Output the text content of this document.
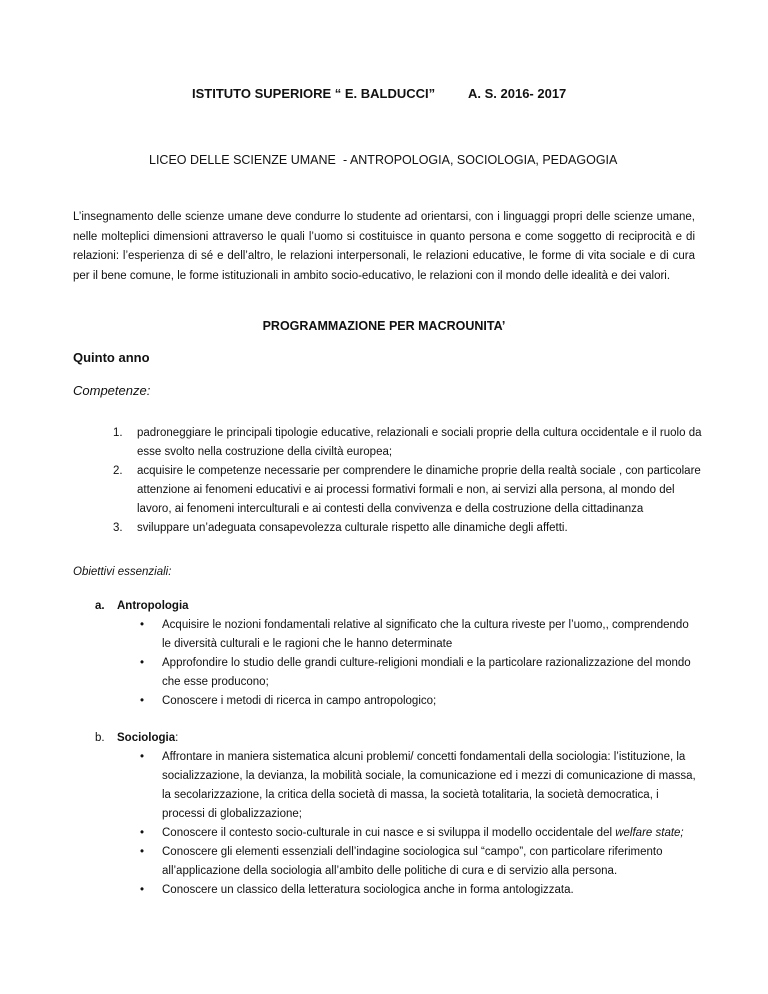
ISTITUTO SUPERIORE “ E. BALDUCCI”	A. S. 2016- 2017
LICEO DELLE SCIENZE UMANE - ANTROPOLOGIA, SOCIOLOGIA, PEDAGOGIA

L’insegnamento delle scienze umane deve condurre lo studente ad orientarsi, con i linguaggi propri delle scienze umane, nelle molteplici dimensioni attraverso le quali l’uomo si costituisce in quanto persona e come soggetto di reciprocità e di relazioni: l’esperienza di sé e dell’altro, le relazioni interpersonali, le relazioni educative, le forme di vita sociale e di cura per il bene comune, le forme istituzionali in ambito socio-educativo, le relazioni con il mondo delle idealità e dei valori.

PROGRAMMAZIONE PER MACROUNITA’
Quinto anno
Competenze:
1. padroneggiare le principali tipologie educative, relazionali e sociali proprie della cultura occidentale e il ruolo da esse svolto nella costruzione della civiltà europea;
2. acquisire le competenze necessarie per comprendere le dinamiche proprie della realtà sociale , con particolare attenzione ai fenomeni educativi e ai processi formativi formali e non, ai servizi alla persona, al mondo del lavoro, ai fenomeni interculturali e ai contesti della convivenza e della costruzione della cittadinanza
3. sviluppare un’adeguata consapevolezza culturale rispetto alle dinamiche degli affetti.
Obiettivi essenziali:
a. Antropologia
• Acquisire le nozioni fondamentali relative al significato che la cultura riveste per l’uomo,, comprendendo le diversità culturali e le ragioni che le hanno determinate
• Approfondire lo studio delle grandi culture-religioni mondiali e la particolare razionalizzazione del mondo che esse producono;
• Conoscere i metodi di ricerca in campo antropologico;
b. Sociologia:
• Affrontare in maniera sistematica alcuni problemi/ concetti fondamentali della sociologia: l’istituzione, la socializzazione, la devianza, la mobilità sociale, la comunicazione ed i mezzi di comunicazione di massa, la secolarizzazione, la critica della società di massa, la società totalitaria, la società democratica, i processi di globalizzazione;
• Conoscere il contesto socio-culturale in cui nasce e si sviluppa il modello occidentale del welfare state;
• Conoscere gli elementi essenziali dell’indagine sociologica sul “campo”, con particolare riferimento all’applicazione della sociologia all’ambito delle politiche di cura e di servizio alla persona.
• Conoscere un classico della letteratura sociologica anche in forma antologizzata.
